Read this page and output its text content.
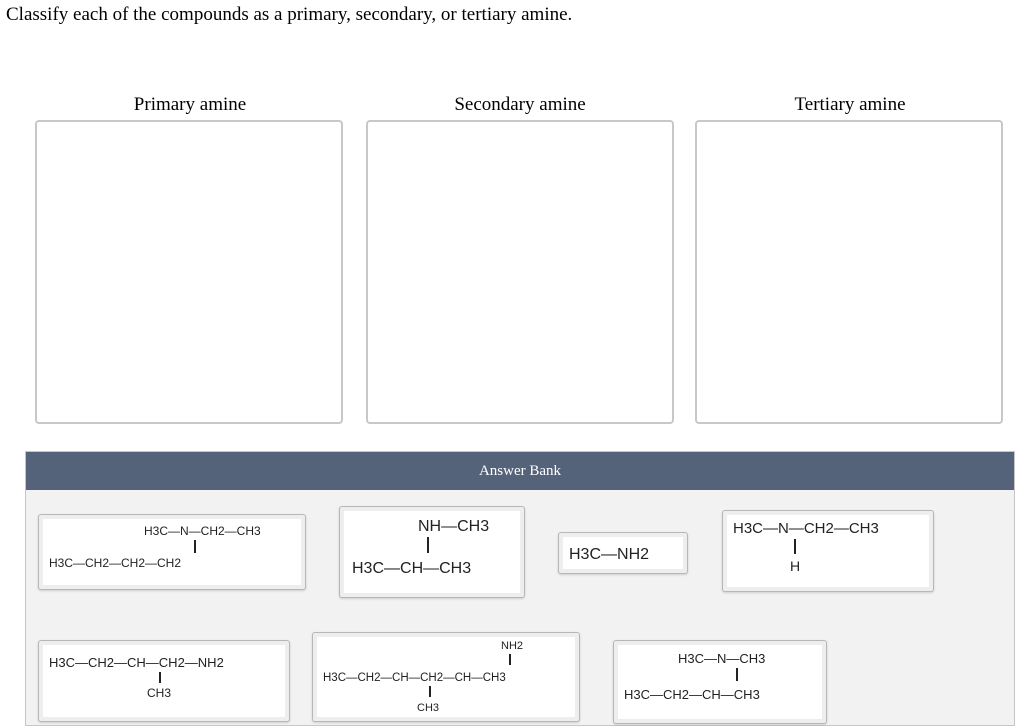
Classify each of the compounds as a primary, secondary, or tertiary amine.
Primary amine	Secondary amine	Tertiary amine
Answer Bank
H3C—N—CH2—CH3
H3C—CH2—CH2—CH2
NH—CH3
H3C—CH—CH3
H3C—NH2
H3C—N—CH2—CH3
H
H3C—CH2—CH—CH2—NH2
CH3
NH2
H3C—CH2—CH—CH2—CH—CH3
CH3
H3C—N—CH3
H3C—CH2—CH—CH3
